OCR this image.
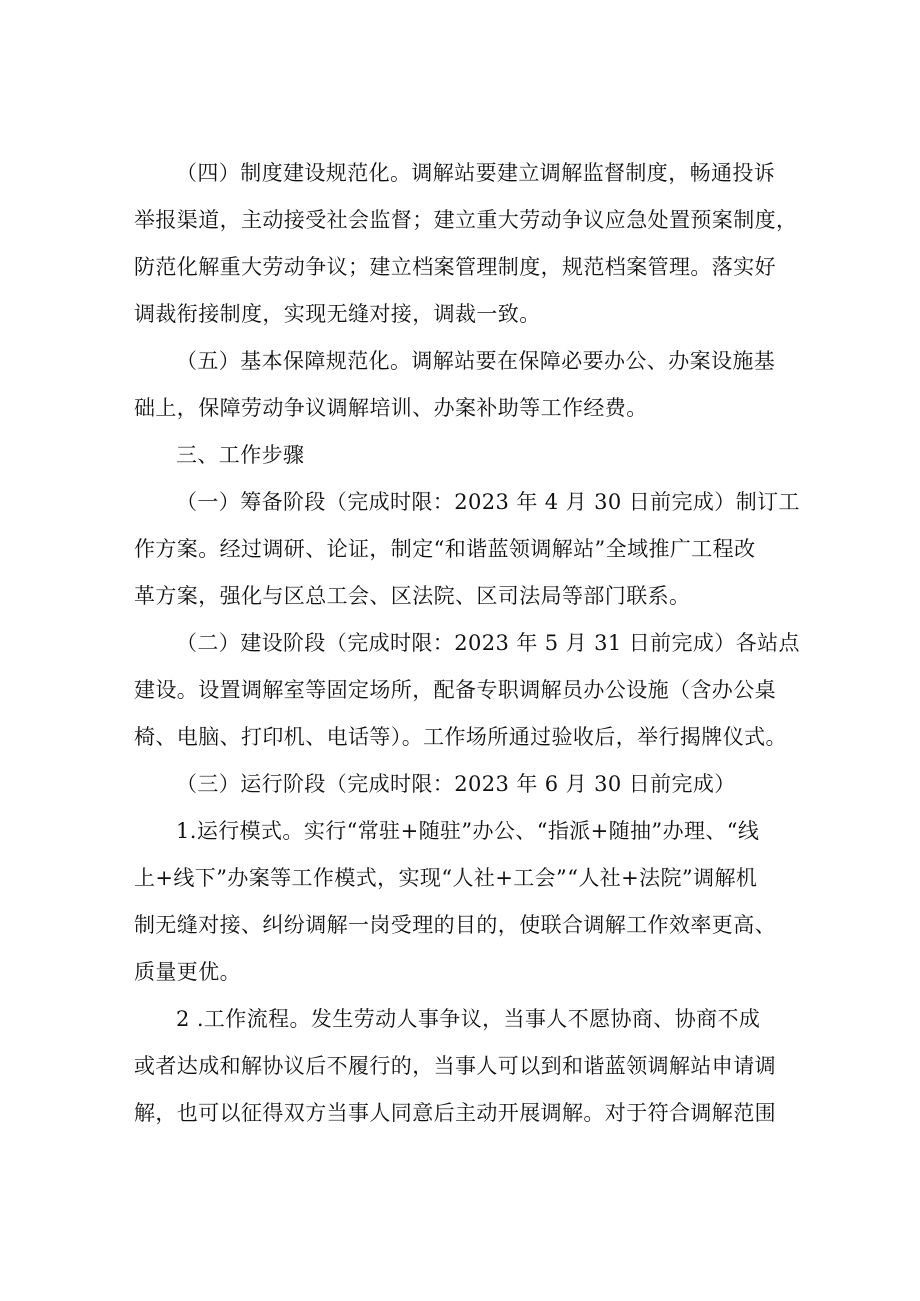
（四）制度建设规范化。调解站要建立调解监督制度，畅通投诉
举报渠道，主动接受社会监督；建立重大劳动争议应急处置预案制度，
防范化解重大劳动争议；建立档案管理制度，规范档案管理。落实好
调裁衔接制度，实现无缝对接，调裁一致。
（五）基本保障规范化。调解站要在保障必要办公、办案设施基
础上，保障劳动争议调解培训、办案补助等工作经费。
三、工作步骤
（一）筹备阶段（完成时限：2023 年 4 月 30 日前完成）制订工
作方案。经过调研、论证，制定“和谐蓝领调解站”全域推广工程改
革方案，强化与区总工会、区法院、区司法局等部门联系。
（二）建设阶段（完成时限：2023 年 5 月 31 日前完成）各站点
建设。设置调解室等固定场所，配备专职调解员办公设施（含办公桌
椅、电脑、打印机、电话等）。工作场所通过验收后，举行揭牌仪式。
（三）运行阶段（完成时限：2023 年 6 月 30 日前完成）
1.运行模式。实行“常驻+随驻”办公、“指派+随抽”办理、“线
上+线下”办案等工作模式，实现“人社+工会”“人社+法院”调解机
制无缝对接、纠纷调解一岗受理的目的，使联合调解工作效率更高、
质量更优。
2 .工作流程。发生劳动人事争议，当事人不愿协商、协商不成
或者达成和解协议后不履行的，当事人可以到和谐蓝领调解站申请调
解，也可以征得双方当事人同意后主动开展调解。对于符合调解范围
